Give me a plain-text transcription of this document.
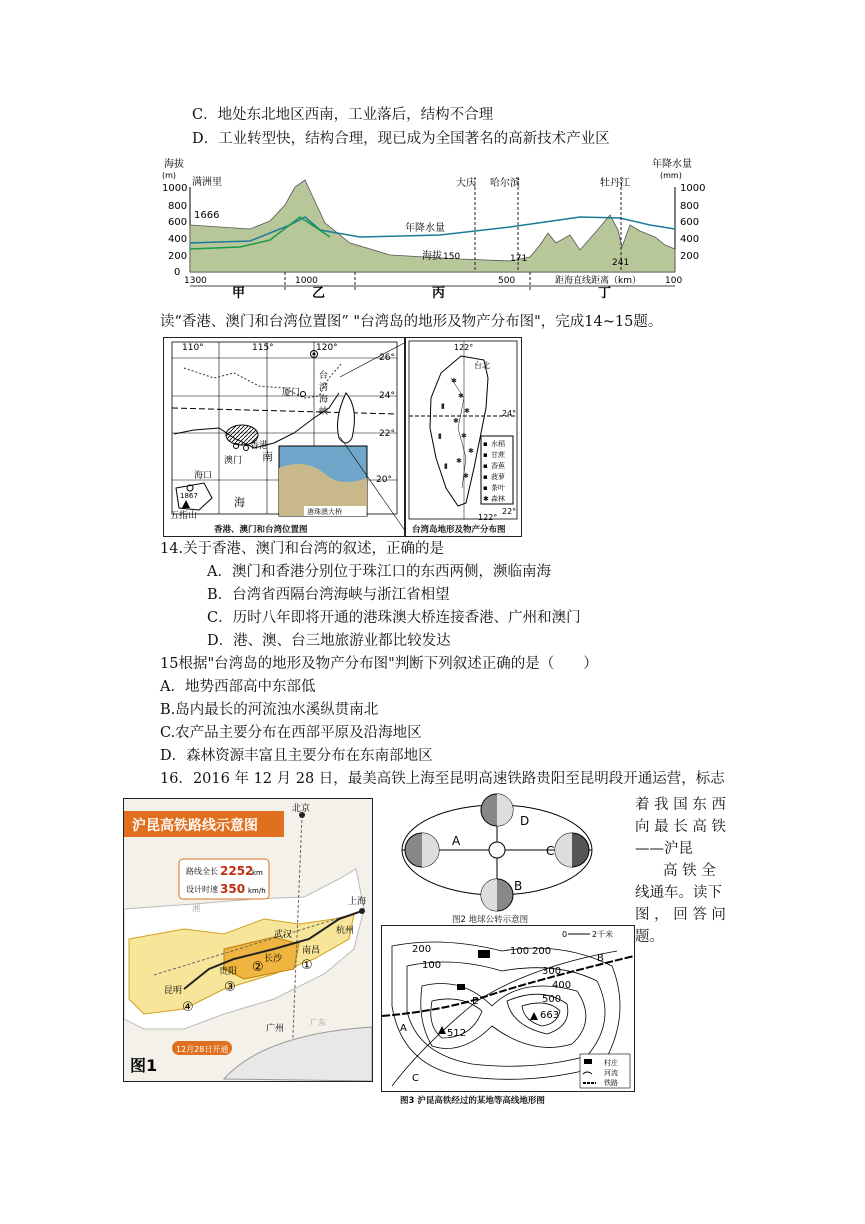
C．地处东北地区西南，工业落后，结构不合理
D．工业转型快，结构合理，现已成为全国著名的高新技术产业区
海拔
(m)
年降水量
(mm)
1000
800
600
400
200
0
1000
800
600
400
200
满洲里	大庆 哈尔滨	牡丹江
1666
150	171	241
年降水量
海拔
1300	1000	500	100
距海直线距离（km）
甲	乙	丙	丁
读“香港、澳门和台湾位置图” "台湾岛的地形及物产分布图"，完成14~15题。
港珠澳大桥
110°	115°	120°
26°
24°
22°
20°
厦门
台
湾
海
峡
香港
澳门 南
海口
海
1867
五指山
香港、澳门和台湾位置图
✱
✱
✱
✱
✱
✱
✱
✱
▮
▮
▮
122°
台北
24°
22°
122°
水稻
甘蔗
香蕉
菠萝
茶叶
森林
▪
▪
▪
▪
▪
✱
台湾岛地形及物产分布图
14.关于香港、澳门和台湾的叙述，正确的是
A．澳门和香港分别位于珠江口的东西两侧，濒临南海
B．台湾省西隔台湾海峡与浙江省相望
C．历时八年即将开通的港珠澳大桥连接香港、广州和澳门
D．港、澳、台三地旅游业都比较发达
15根据"台湾岛的地形及物产分布图"判断下列叙述正确的是（　　）
A．地势西部高中东部低
B.岛内最长的河流浊水溪纵贯南北
C.农产品主要分布在西部平原及沿海地区
D．森林资源丰富且主要分布在东南部地区
16．2016 年 12 月 28 日，最美高铁上海至昆明高速铁路贵阳至昆明段开通运营，标志
着 我 国 东 西
向 最 长 高 铁
——沪昆
高 铁 全
线通车。读下
图 ， 回 答 问
题。
沪昆高铁路线示意图
路线全长 2252
km
设计时速 350 km/h
北京
上海
杭州
南昌
武汉
长沙
贵阳
昆明
广州
湘
广东
①
②
③
④
12月28日开通
图1
D
A
C
B
图2 地球公转示意图
200
100
100 200
300
400
500
512
663
A
B
C
E
0	2千米
村庄
河流
铁路
图3 沪昆高铁经过的某地等高线地形图
